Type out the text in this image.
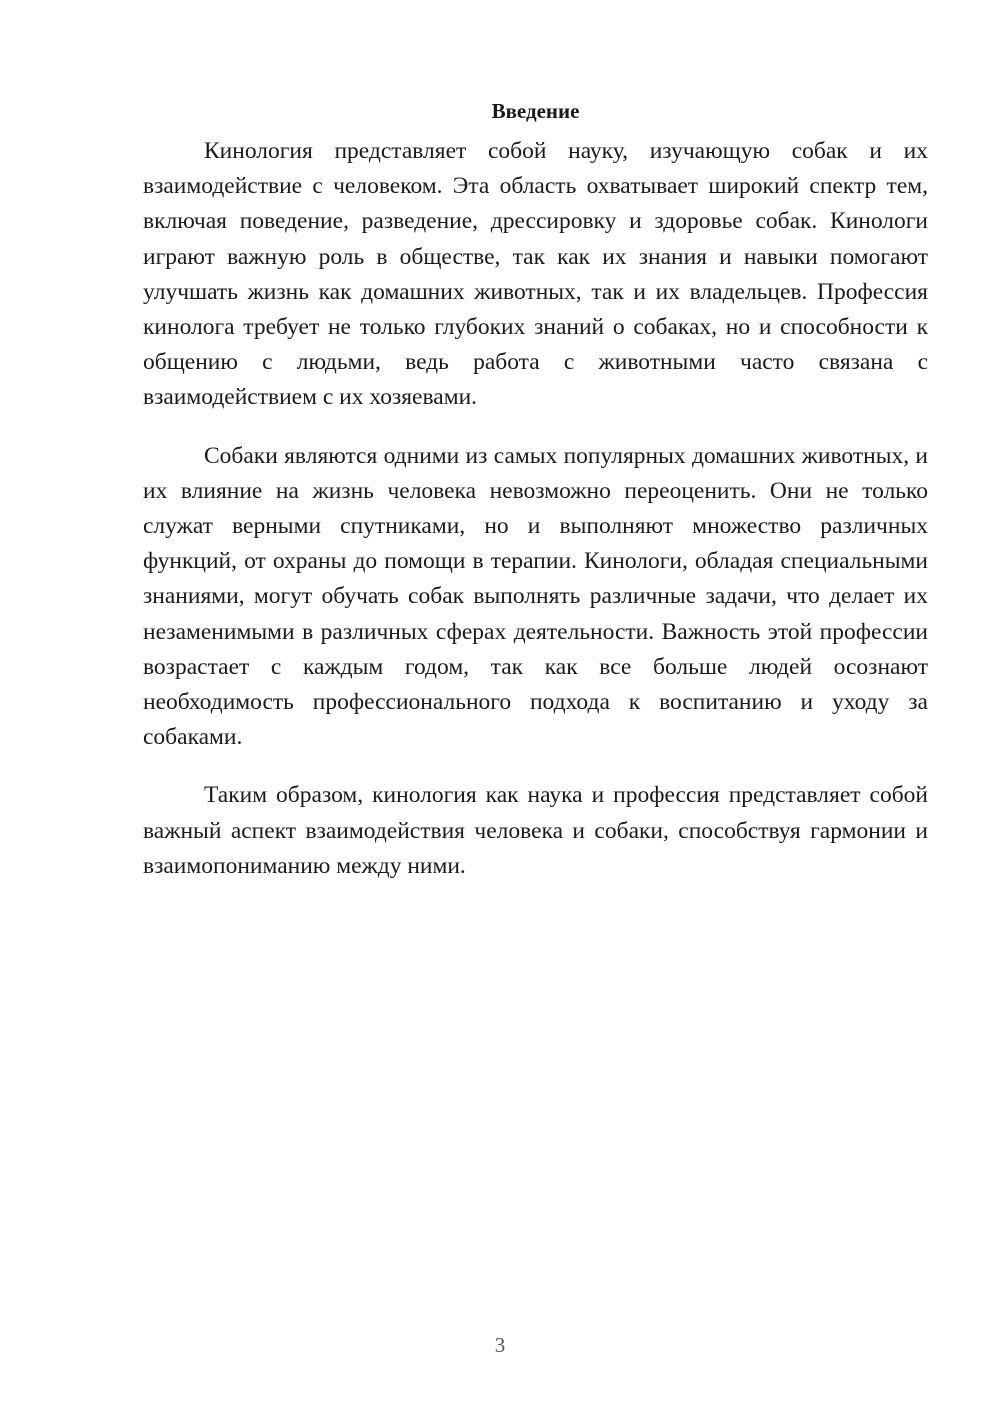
Введение

Кинология представляет собой науку, изучающую собак и их взаимодействие с человеком. Эта область охватывает широкий спектр тем, включая поведение, разведение, дрессировку и здоровье собак. Кинологи играют важную роль в обществе, так как их знания и навыки помогают улучшать жизнь как домашних животных, так и их владельцев. Профессия кинолога требует не только глубоких знаний о собаках, но и способности к общению с людьми, ведь работа с животными часто связана с взаимодействием с их хозяевами.

Собаки являются одними из самых популярных домашних животных, и их влияние на жизнь человека невозможно переоценить. Они не только служат верными спутниками, но и выполняют множество различных функций, от охраны до помощи в терапии. Кинологи, обладая специальными знаниями, могут обучать собак выполнять различные задачи, что делает их незаменимыми в различных сферах деятельности. Важность этой профессии возрастает с каждым годом, так как все больше людей осознают необходимость профессионального подхода к воспитанию и уходу за собаками.

Таким образом, кинология как наука и профессия представляет собой важный аспект взаимодействия человека и собаки, способствуя гармонии и взаимопониманию между ними.

3
